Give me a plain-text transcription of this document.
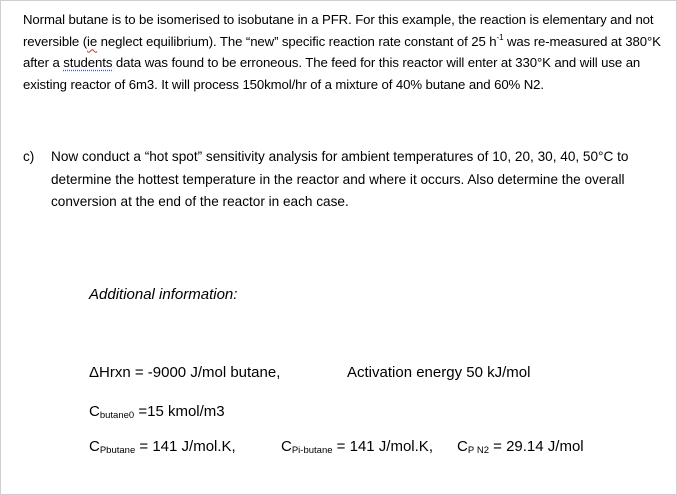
Normal butane is to be isomerised to isobutane in a PFR. For this example, the reaction is elementary and not reversible (ie neglect equilibrium). The “new” specific reaction rate constant of 25 $h^{-1}$ was re-measured at 380°K after a students data was found to be erroneous. The feed for this reactor will enter at 330°K and will use an existing reactor of 6m3. It will process 150kmol/hr of a mixture of 40% butane and 60% N2.
c)	Now conduct a “hot spot” sensitivity analysis for ambient temperatures of 10, 20, 30, 40, 50°C to determine the hottest temperature in the reactor and where it occurs. Also determine the overall conversion at the end of the reactor in each case.
Additional information:
ΔHrxn = -9000 J/mol butane,	Activation energy 50 kJ/mol
$C_{butane0} =15$ kmol/m3
$C_{Pbutane} = 141$ J/mol.K,	$C_{Pi-butane} = 141$ J/mol.K, $C_P$ N2 = 29.14 J/mol
